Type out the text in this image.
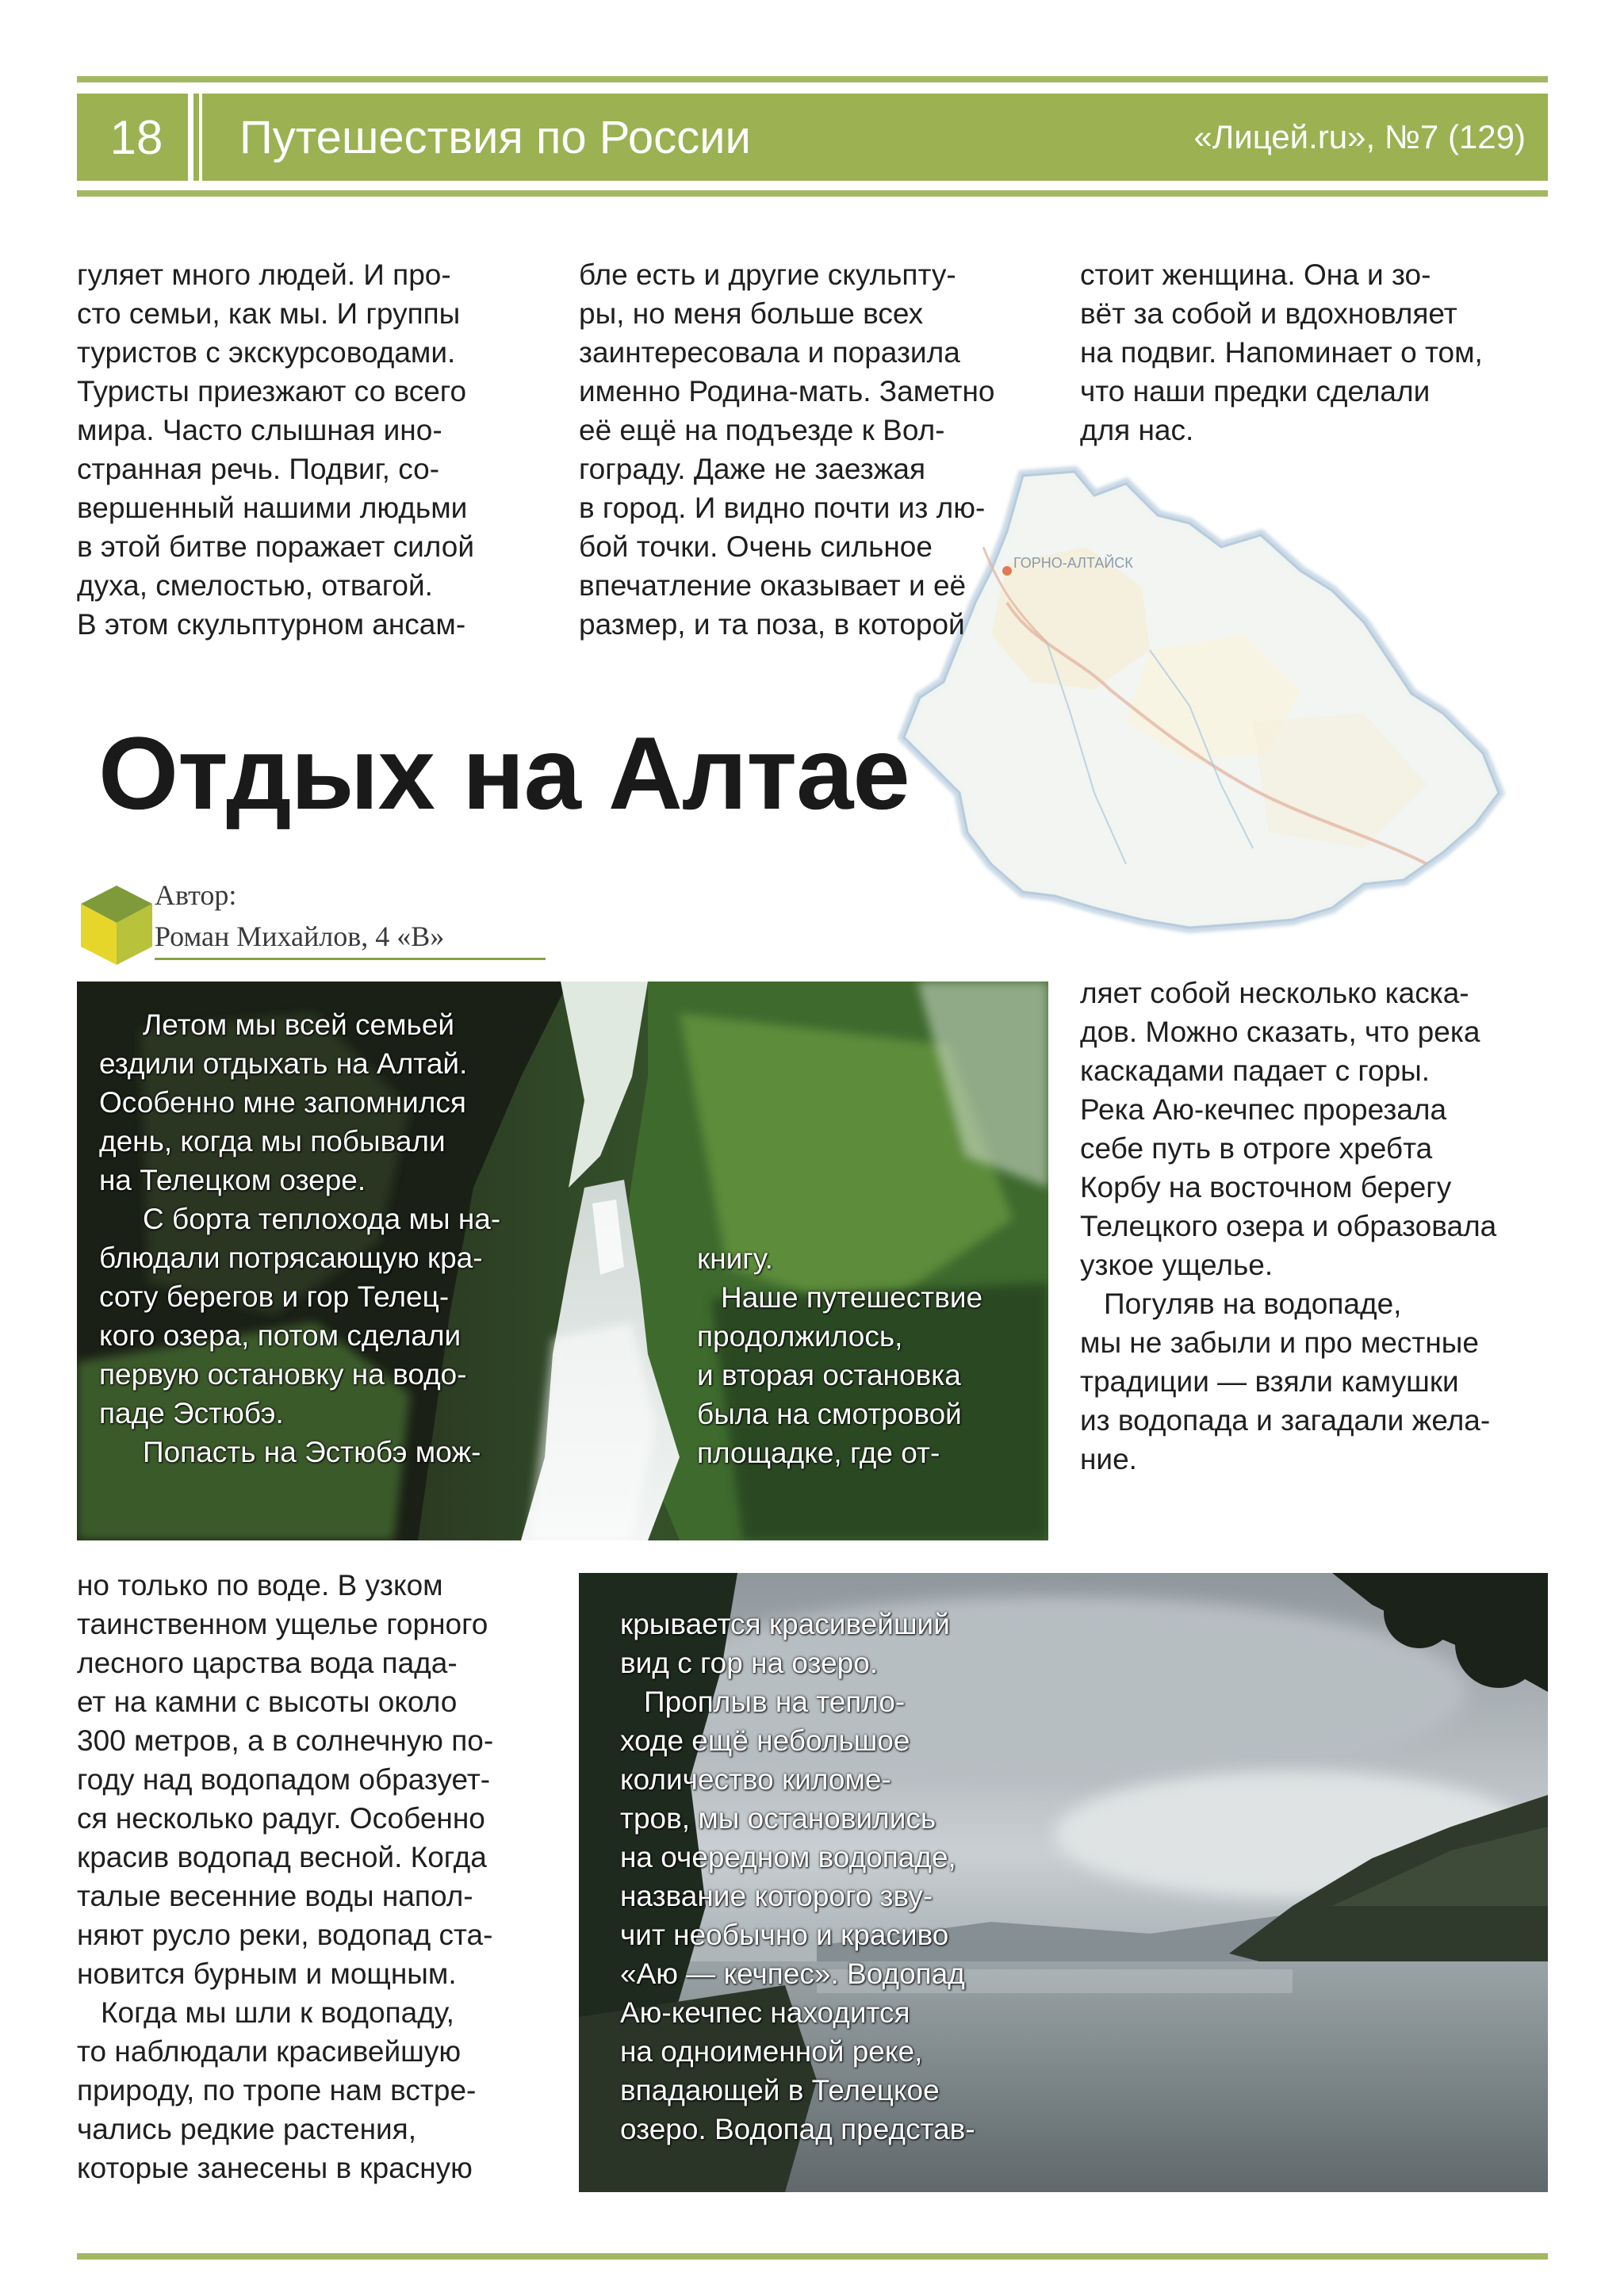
18	Путешествия по России	«Лицей.ru», №7 (129)
ГОРНО-АЛТАЙСК
гуляет много людей. И про-
сто семьи, как мы. И группы
туристов с экскурсоводами.
Туристы приезжают со всего
мира. Часто слышная ино-
странная речь. Подвиг, со-
вершенный нашими людьми
в этой битве поражает силой
духа, смелостью, отвагой.
В этом скульптурном ансам-
бле есть и другие скульпту-
ры, но меня больше всех
заинтересовала и поразила
именно Родина-мать. Заметно
её ещё на подъезде к Вол-
гограду. Даже не заезжая
в город. И видно почти из лю-
бой точки. Очень сильное
впечатление оказывает и её
размер, и та поза, в которой
стоит женщина. Она и зо-
вёт за собой и вдохновляет
на подвиг. Напоминает о том,
что наши предки сделали
для нас.
Отдых на Алтае
Автор:
Роман Михайлов, 4 «В»
Летом мы всей семьей
ездили отдыхать на Алтай.
Особенно мне запомнился
день, когда мы побывали
на Телецком озере.
С борта теплохода мы на-
блюдали потрясающую кра-
соту берегов и гор Телец-
кого озера, потом сделали
первую остановку на водо-
паде Эстюбэ.
Попасть на Эстюбэ мож-
книгу.
Наше путешествие
продолжилось,
и вторая остановка
была на смотровой
площадке, где от-
ляет собой несколько каска-
дов. Можно сказать, что река
каскадами падает с горы.
Река Аю-кечпес прорезала
себе путь в отроге хребта
Корбу на восточном берегу
Телецкого озера и образовала
узкое ущелье.
Погуляв на водопаде,
мы не забыли и про местные
традиции — взяли камушки
из водопада и загадали жела-
ние.
но только по воде. В узком
таинственном ущелье горного
лесного царства вода пада-
ет на камни с высоты около
300 метров, а в солнечную по-
году над водопадом образует-
ся несколько радуг. Особенно
красив водопад весной. Когда
талые весенние воды напол-
няют русло реки, водопад ста-
новится бурным и мощным.
Когда мы шли к водопаду,
то наблюдали красивейшую
природу, по тропе нам встре-
чались редкие растения,
которые занесены в красную
крывается красивейший
вид с гор на озеро.
Проплыв на тепло-
ходе ещё небольшое
количество киломе-
тров, мы остановились
на очередном водопаде,
название которого зву-
чит необычно и красиво
«Аю — кечпес». Водопад
Аю-кечпес находится
на одноименной реке,
впадающей в Телецкое
озеро. Водопад представ-
